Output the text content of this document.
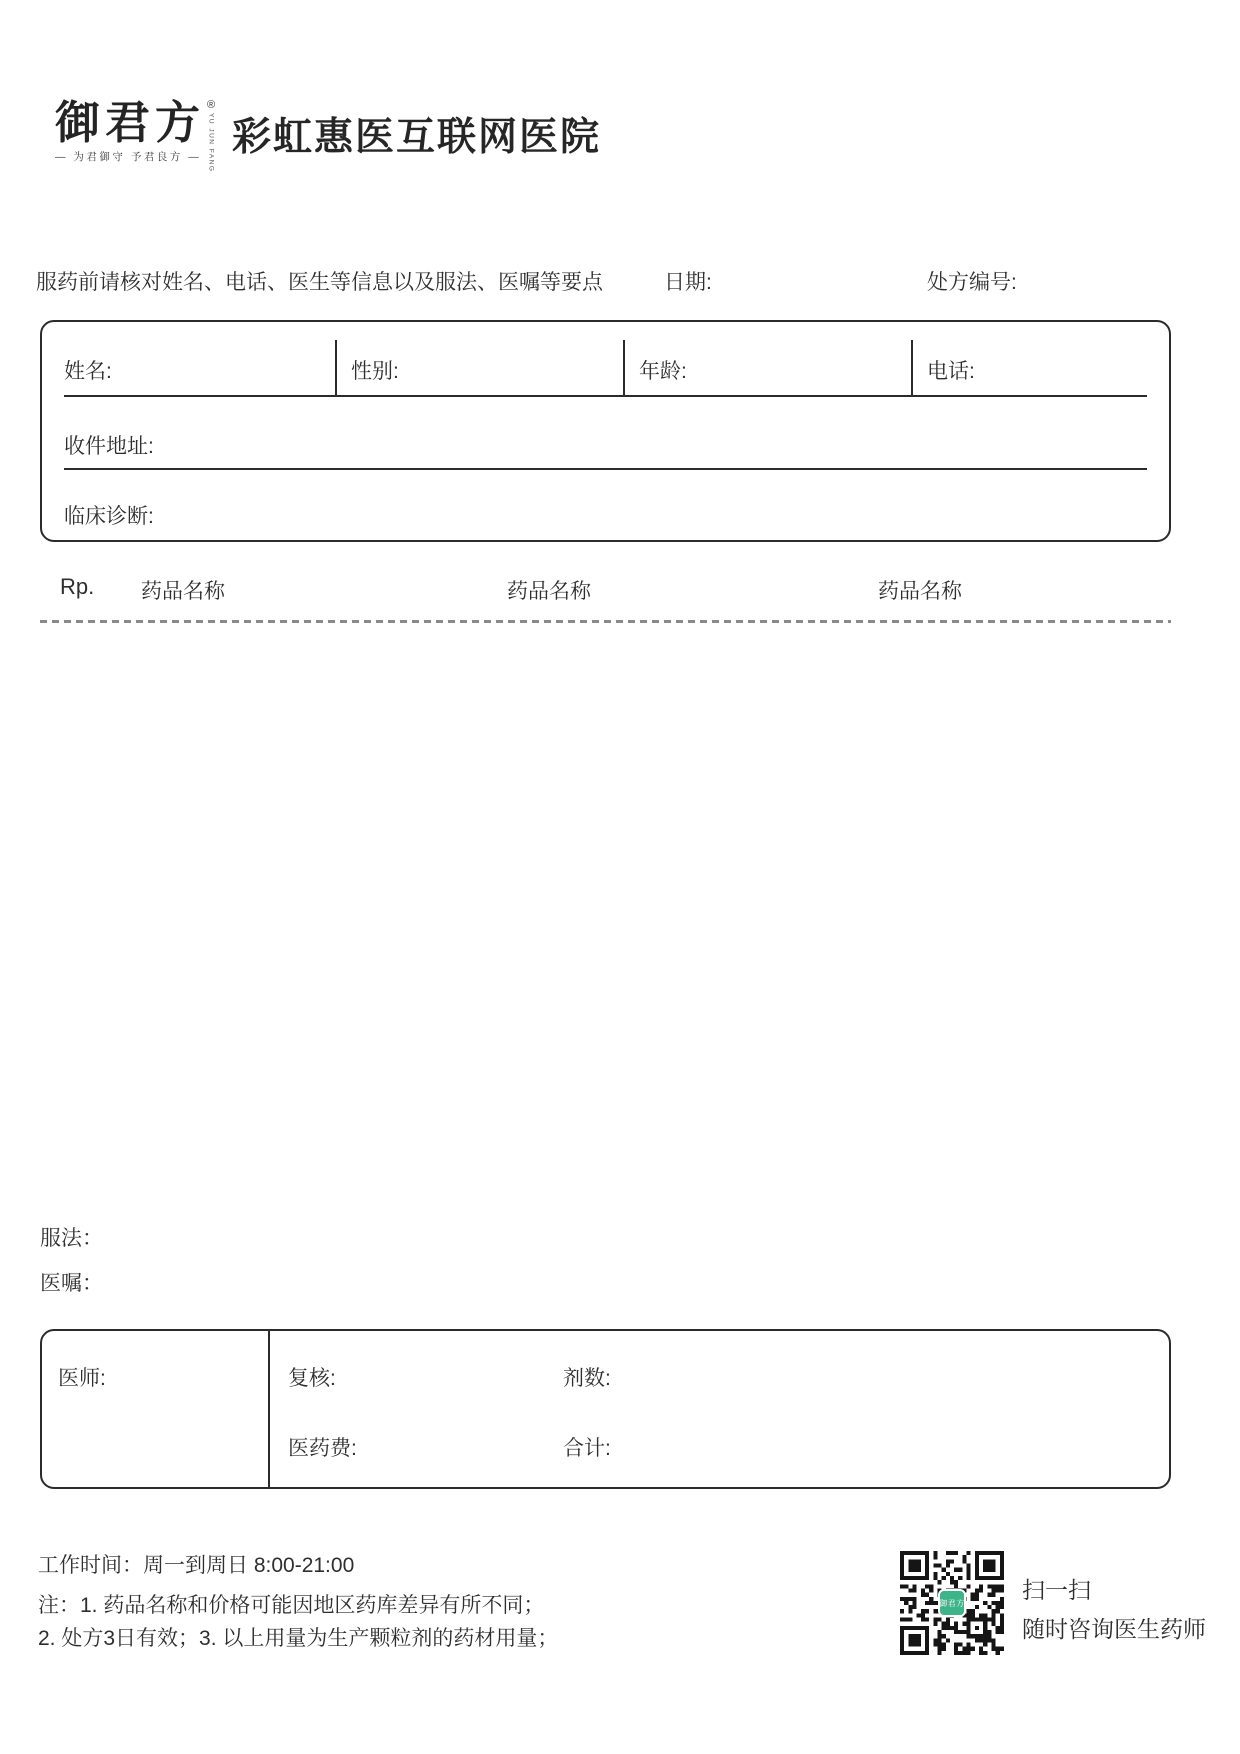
御君方 ®
YU JUN FANG
— 为君御守 予君良方 — 彩虹惠医互联网医院
服药前请核对姓名、电话、医生等信息以及服法、医嘱等要点	日期:	处方编号:
姓名:	性别:	年龄:	电话:
收件地址:
临床诊断:
Rp. 药品名称	药品名称	药品名称
服法：
医嘱：
医师:	复核:	剂数:
医药费:	合计:
工作时间：周一到周日 8:00-21:00
注：1. 药品名称和价格可能因地区药库差异有所不同；
2. 处方3日有效；3. 以上用量为生产颗粒剂的药材用量；
御君方 扫一扫
随时咨询医生药师
